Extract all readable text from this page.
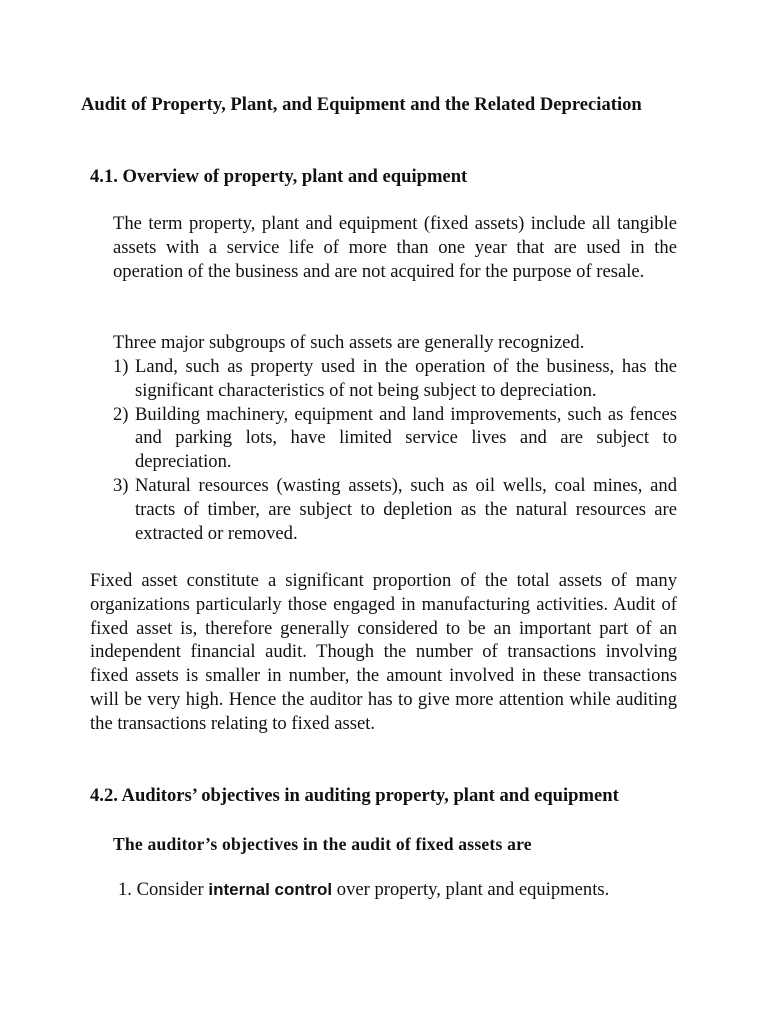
Audit of Property, Plant, and Equipment and the Related Depreciation
4.1. Overview of property, plant and equipment
The term property, plant and equipment (fixed assets) include all tangible assets with a service life of more than one year that are used in the operation of the business and are not acquired for the purpose of resale.
Three major subgroups of such assets are generally recognized.
1) Land, such as property used in the operation of the business, has the significant characteristics of not being subject to depreciation.
2) Building machinery, equipment and land improvements, such as fences and parking lots, have limited service lives and are subject to depreciation.
3) Natural resources (wasting assets), such as oil wells, coal mines, and tracts of timber, are subject to depletion as the natural resources are extracted or removed.
Fixed asset constitute a significant proportion of the total assets of many organizations particularly those engaged in manufacturing activities. Audit of fixed asset is, therefore generally considered to be an important part of an independent financial audit. Though the number of transactions involving fixed assets is smaller in number, the amount involved in these transactions will be very high. Hence the auditor has to give more attention while auditing the transactions relating to fixed asset.
4.2. Auditors’ objectives in auditing property, plant and equipment
The auditor’s objectives in the audit of fixed assets are
1. Consider internal control over property, plant and equipments.
